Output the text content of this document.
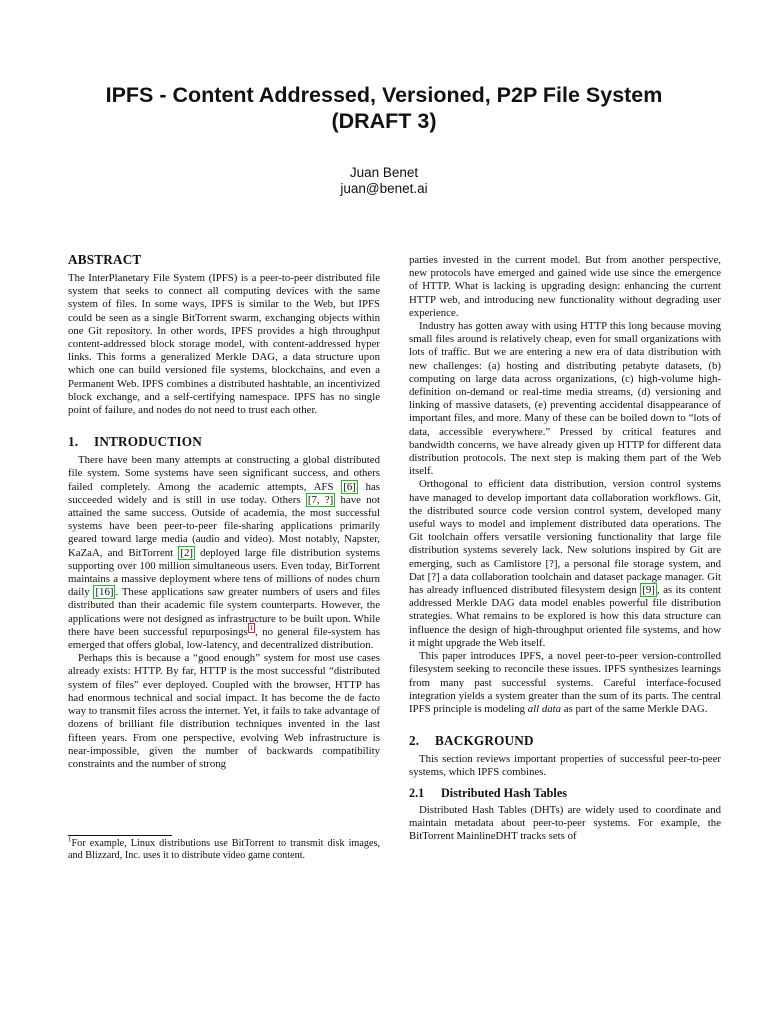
IPFS - Content Addressed, Versioned, P2P File System
(DRAFT 3)
Juan Benet
juan@benet.ai
ABSTRACT

The InterPlanetary File System (IPFS) is a peer-to-peer distributed file system that seeks to connect all computing devices with the same system of files. In some ways, IPFS is similar to the Web, but IPFS could be seen as a single BitTorrent swarm, exchanging objects within one Git repository. In other words, IPFS provides a high throughput content-addressed block storage model, with content-addressed hyper links. This forms a generalized Merkle DAG, a data structure upon which one can build versioned file systems, blockchains, and even a Permanent Web. IPFS combines a distributed hashtable, an incentivized block exchange, and a self-certifying namespace. IPFS has no single point of failure, and nodes do not need to trust each other.

1. INTRODUCTION

There have been many attempts at constructing a global distributed file system. Some systems have seen significant success, and others failed completely. Among the academic attempts, AFS [6] has succeeded widely and is still in use today. Others [7, ?] have not attained the same success. Outside of academia, the most successful systems have been peer-to-peer file-sharing applications primarily geared toward large media (audio and video). Most notably, Napster, KaZaA, and BitTorrent [2] deployed large file distribution systems supporting over 100 million simultaneous users. Even today, BitTorrent maintains a massive deployment where tens of millions of nodes churn daily [16] . These applications saw greater numbers of users and files distributed than their academic file system counterparts. However, the applications were not designed as infrastructure to be built upon. While there have been successful repurposings $^1$ , no general file-system has emerged that offers global, low-latency, and decentralized distribution.

Perhaps this is because a “good enough” system for most use cases already exists: HTTP. By far, HTTP is the most successful “distributed system of files” ever deployed. Coupled with the browser, HTTP has had enormous technical and social impact. It has become the de facto way to transmit files across the internet. Yet, it fails to take advantage of dozens of brilliant file distribution techniques invented in the last fifteen years. From one perspective, evolving Web infrastructure is near-impossible, given the number of backwards compatibility constraints and the number of strong

$^1$For example, Linux distributions use BitTorrent to transmit disk images, and Blizzard, Inc. uses it to distribute video game content.

parties invested in the current model. But from another perspective, new protocols have emerged and gained wide use since the emergence of HTTP. What is lacking is upgrading design: enhancing the current HTTP web, and introducing new functionality without degrading user experience.

Industry has gotten away with using HTTP this long because moving small files around is relatively cheap, even for small organizations with lots of traffic. But we are entering a new era of data distribution with new challenges: (a) hosting and distributing petabyte datasets, (b) computing on large data across organizations, (c) high-volume high-definition on-demand or real-time media streams, (d) versioning and linking of massive datasets, (e) preventing accidental disappearance of important files, and more. Many of these can be boiled down to “lots of data, accessible everywhere.” Pressed by critical features and bandwidth concerns, we have already given up HTTP for different data distribution protocols. The next step is making them part of the Web itself.

Orthogonal to efficient data distribution, version control systems have managed to develop important data collaboration workflows. Git, the distributed source code version control system, developed many useful ways to model and implement distributed data operations. The Git toolchain offers versatile versioning functionality that large file distribution systems severely lack. New solutions inspired by Git are emerging, such as Camlistore [?], a personal file storage system, and Dat [?] a data collaboration toolchain and dataset package manager. Git has already influenced distributed filesystem design [9] , as its content addressed Merkle DAG data model enables powerful file distribution strategies. What remains to be explored is how this data structure can influence the design of high-throughput oriented file systems, and how it might upgrade the Web itself.

This paper introduces IPFS, a novel peer-to-peer version-controlled filesystem seeking to reconcile these issues. IPFS synthesizes learnings from many past successful systems. Careful interface-focused integration yields a system greater than the sum of its parts. The central IPFS principle is modeling all data as part of the same Merkle DAG.

2. BACKGROUND

This section reviews important properties of successful peer-to-peer systems, which IPFS combines.

2.1 Distributed Hash Tables

Distributed Hash Tables (DHTs) are widely used to coordinate and maintain metadata about peer-to-peer systems. For example, the BitTorrent MainlineDHT tracks sets of
